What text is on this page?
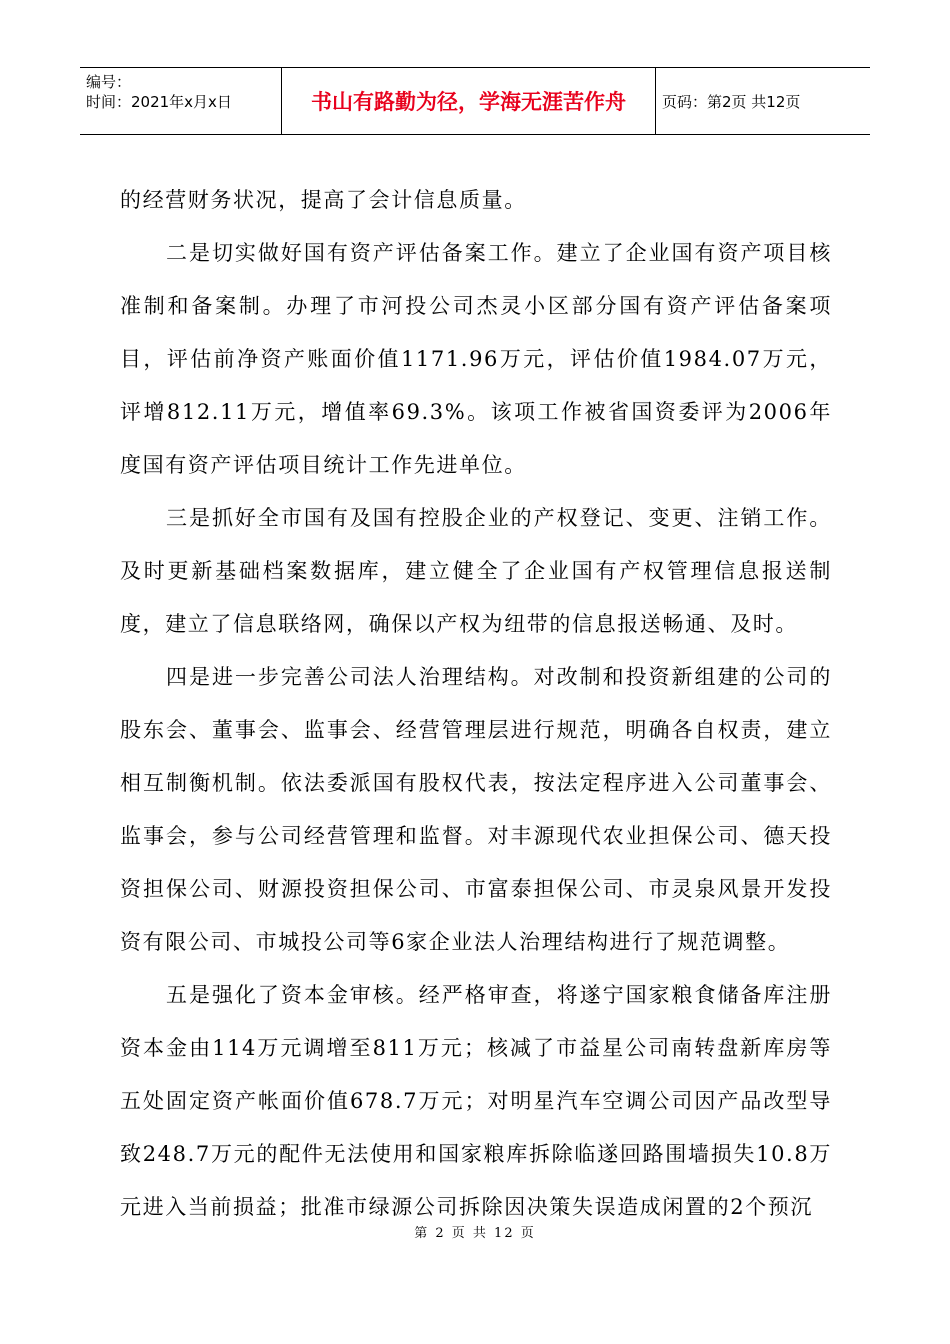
编号：
时间：2021年x月x日	书山有路勤为径，学海无涯苦作舟	页码：第2页 共12页

的经营财务状况，提高了会计信息质量。

二是切实做好国有资产评估备案工作。建立了企业国有资产项目核准制和备案制。办理了市河投公司杰灵小区部分国有资产评估备案项目，评估前净资产账面价值1171.96万元，评估价值1984.07万元，评增812.11万元，增值率69.3%。该项工作被省国资委评为2006年度国有资产评估项目统计工作先进单位。

三是抓好全市国有及国有控股企业的产权登记、变更、注销工作。及时更新基础档案数据库，建立健全了企业国有产权管理信息报送制度，建立了信息联络网，确保以产权为纽带的信息报送畅通、及时。

四是进一步完善公司法人治理结构。对改制和投资新组建的公司的股东会、董事会、监事会、经营管理层进行规范，明确各自权责，建立相互制衡机制。依法委派国有股权代表，按法定程序进入公司董事会、监事会，参与公司经营管理和监督。对丰源现代农业担保公司、德天投资担保公司、财源投资担保公司、市富泰担保公司、市灵泉风景开发投资有限公司、市城投公司等6家企业法人治理结构进行了规范调整。

五是强化了资本金审核。经严格审查，将遂宁国家粮食储备库注册资本金由114万元调增至811万元；核减了市益星公司南转盘新库房等五处固定资产帐面价值678.7万元；对明星汽车空调公司因产品改型导致248.7万元的配件无法使用和国家粮库拆除临遂回路围墙损失10.8万元进入当前损益；批准市绿源公司拆除因决策失误造成闲置的2个预沉

第 2 页 共 12 页
